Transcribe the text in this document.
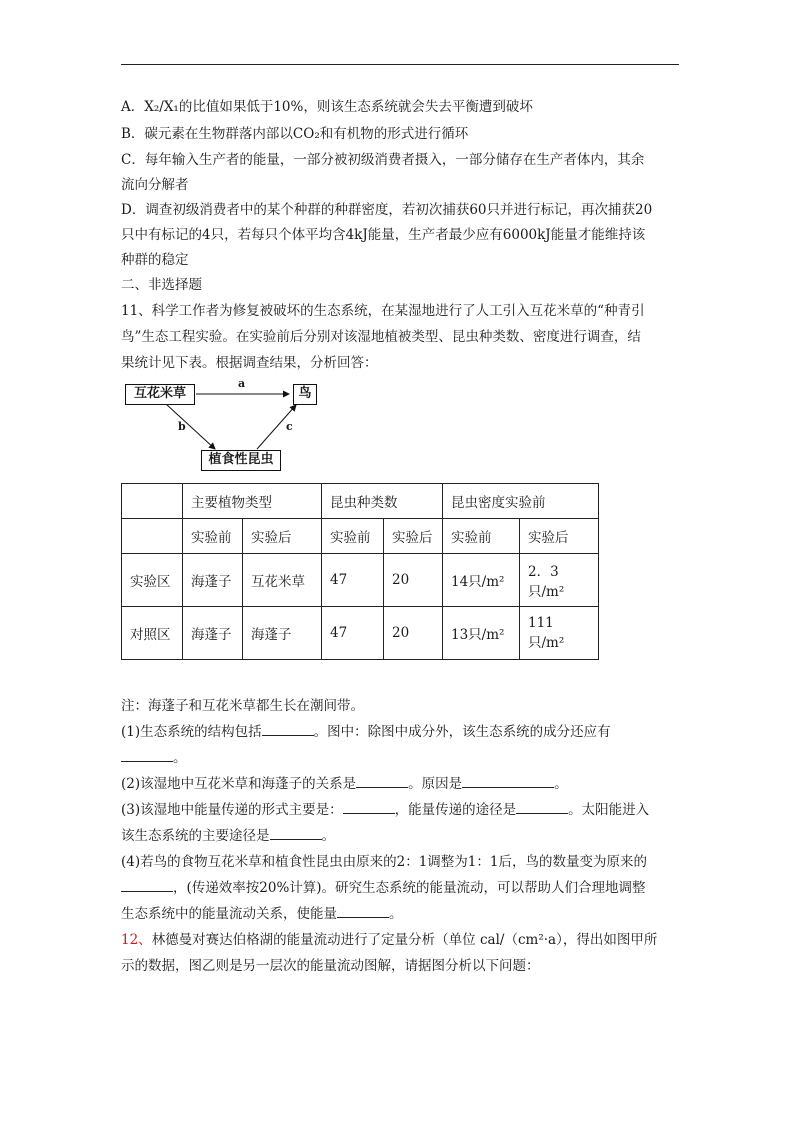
A．X₂/X₁的比值如果低于10%，则该生态系统就会失去平衡遭到破坏
B．碳元素在生物群落内部以CO₂和有机物的形式进行循环
C．每年输入生产者的能量，一部分被初级消费者摄入，一部分储存在生产者体内，其余
流向分解者
D．调查初级消费者中的某个种群的种群密度，若初次捕获60只并进行标记，再次捕获20
只中有标记的4只，若每只个体平均含4kJ能量，生产者最少应有6000kJ能量才能维持该
种群的稳定
二、非选择题
11、科学工作者为修复被破坏的生态系统，在某湿地进行了人工引入互花米草的“种青引
鸟”生态工程实验。在实验前后分别对该湿地植被类型、昆虫种类数、密度进行调查，结
果统计见下表。根据调查结果，分析回答：
互花米草	鸟
植食性昆虫
a
b	c
	主要植物类型		昆虫种类数		昆虫密度实验前	
	实验前	实验后	实验前	实验后	实验前	实验后
实验区	海蓬子	互花米草	47	20	14只/m²	2．3只/m²
对照区	海蓬子	海蓬子	47	20	13只/m²	111只/m²
注：海蓬子和互花米草都生长在潮间带。
(1)生态系统的结构包括	。图中：除图中成分外，该生态系统的成分还应有
。
(2)该湿地中互花米草和海蓬子的关系是	。原因是	。
(3)该湿地中能量传递的形式主要是：	，能量传递的途径是	。太阳能进入
该生态系统的主要途径是	。
(4)若鸟的食物互花米草和植食性昆虫由原来的2：1调整为1：1后，鸟的数量变为原来的
，(传递效率按20%计算)。研究生态系统的能量流动，可以帮助人们合理地调整
生态系统中的能量流动关系，使能量	。
12、林德曼对赛达伯格湖的能量流动进行了定量分析（单位 cal/（cm²·a），得出如图甲所
示的数据，图乙则是另一层次的能量流动图解，请据图分析以下问题：
